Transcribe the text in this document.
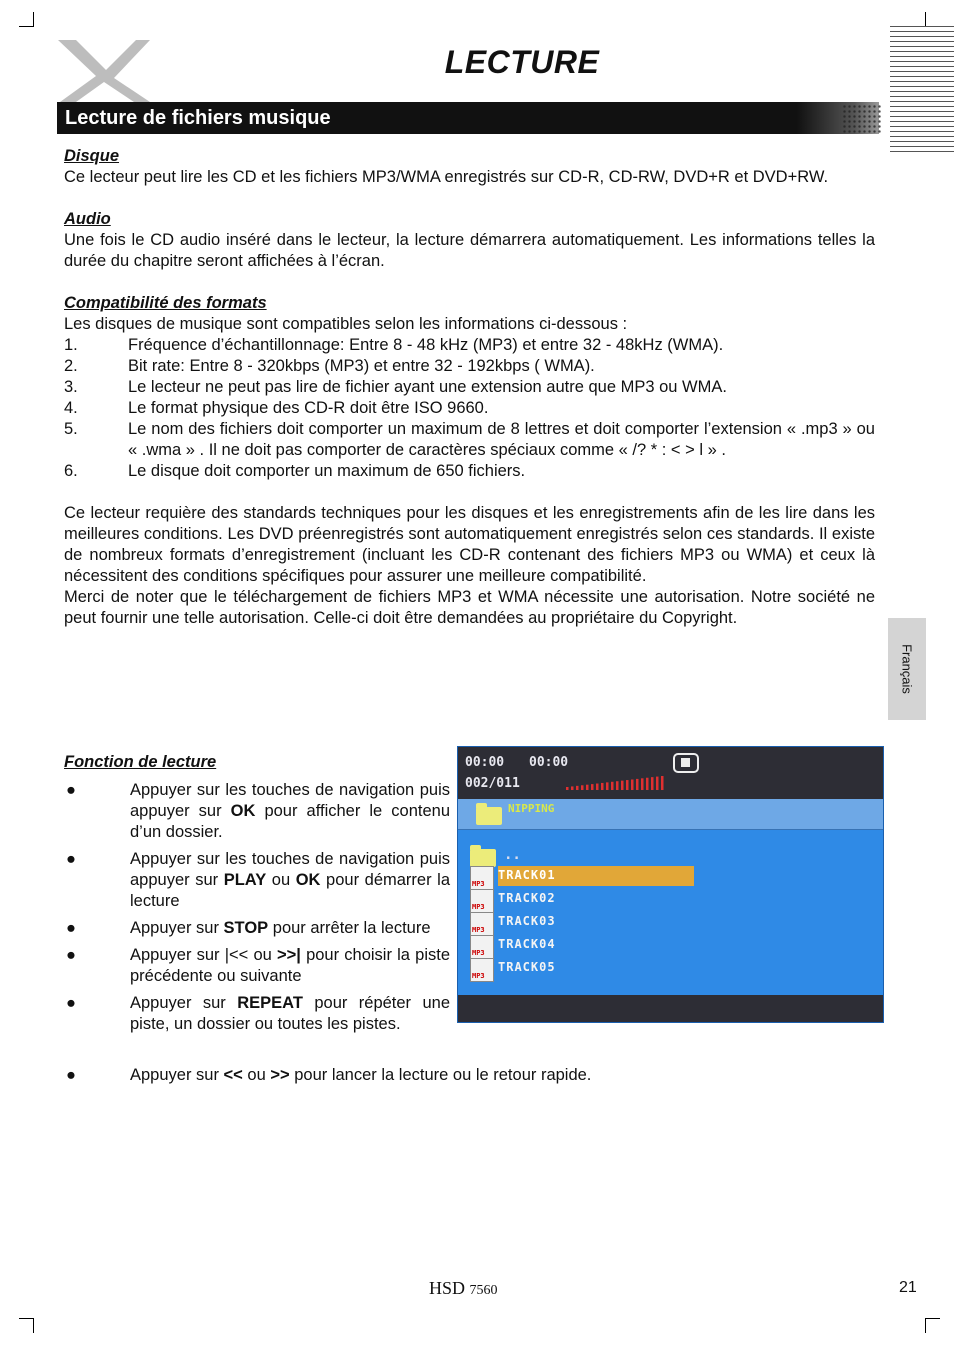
LECTURE
Lecture de fichiers musique
Français

Disque

Ce lecteur peut lire les CD et les fichiers MP3/WMA enregistrés sur CD-R, CD-RW, DVD+R et DVD+RW.

Audio

Une fois le CD audio inséré dans le lecteur, la lecture démarrera automatiquement. Les informations telles la durée du chapitre seront affichées à l’écran.

Compatibilité des formats

Les disques de musique sont compatibles selon les informations ci-dessous :

1.	Fréquence d’échantillonnage: Entre 8 - 48 kHz (MP3) et entre 32 - 48kHz (WMA).
2.	Bit rate: Entre 8 - 320kbps (MP3) et entre 32 - 192kbps ( WMA).
3.	Le lecteur ne peut pas lire de fichier ayant une extension autre que MP3 ou WMA.
4.	Le format physique des CD-R doit être ISO 9660.
5.	Le nom des fichiers doit comporter un maximum de 8 lettres et doit comporter l’extension « .mp3 » ou « .wma » . Il ne doit pas comporter de caractères spéciaux comme « /? * : < > l » .
6.	Le disque doit comporter un maximum de 650 fichiers.

Ce lecteur requière des standards techniques pour les disques et les enregistrements afin de les lire dans les meilleures conditions. Les DVD préenregistrés sont automatiquement enregistrés selon ces standards. Il existe de nombreux formats d’enregistrement (incluant les CD-R contenant des fichiers MP3 ou WMA) et ceux là nécessitent des conditions spécifiques pour assurer une meilleure compatibilité.

Merci de noter que le téléchargement de fichiers MP3 et WMA nécessite une autorisation. Notre société ne peut fournir une telle autorisation. Celle-ci doit être demandées au propriétaire du Copyright.

Fonction de lecture
●	Appuyer sur les touches de navigation puis appuyer sur OK pour afficher le contenu d’un dossier.
●	Appuyer sur les touches de navigation puis appuyer sur PLAY ou OK pour démarrer la lecture
●	Appuyer sur STOP pour arrêter la lecture
●	Appuyer sur |<< ou >>| pour choisir la piste précédente ou suivante
●	Appuyer sur REPEAT pour répéter une piste, un dossier ou toutes les pistes.
●	Appuyer sur << ou >> pour lancer la lecture ou le retour rapide.
00:00 00:00
002/011
NIPPING
..
MP3
TRACK01
MP3
TRACK02
MP3
TRACK03
MP3
TRACK04
MP3
TRACK05
HSD 7560	21
